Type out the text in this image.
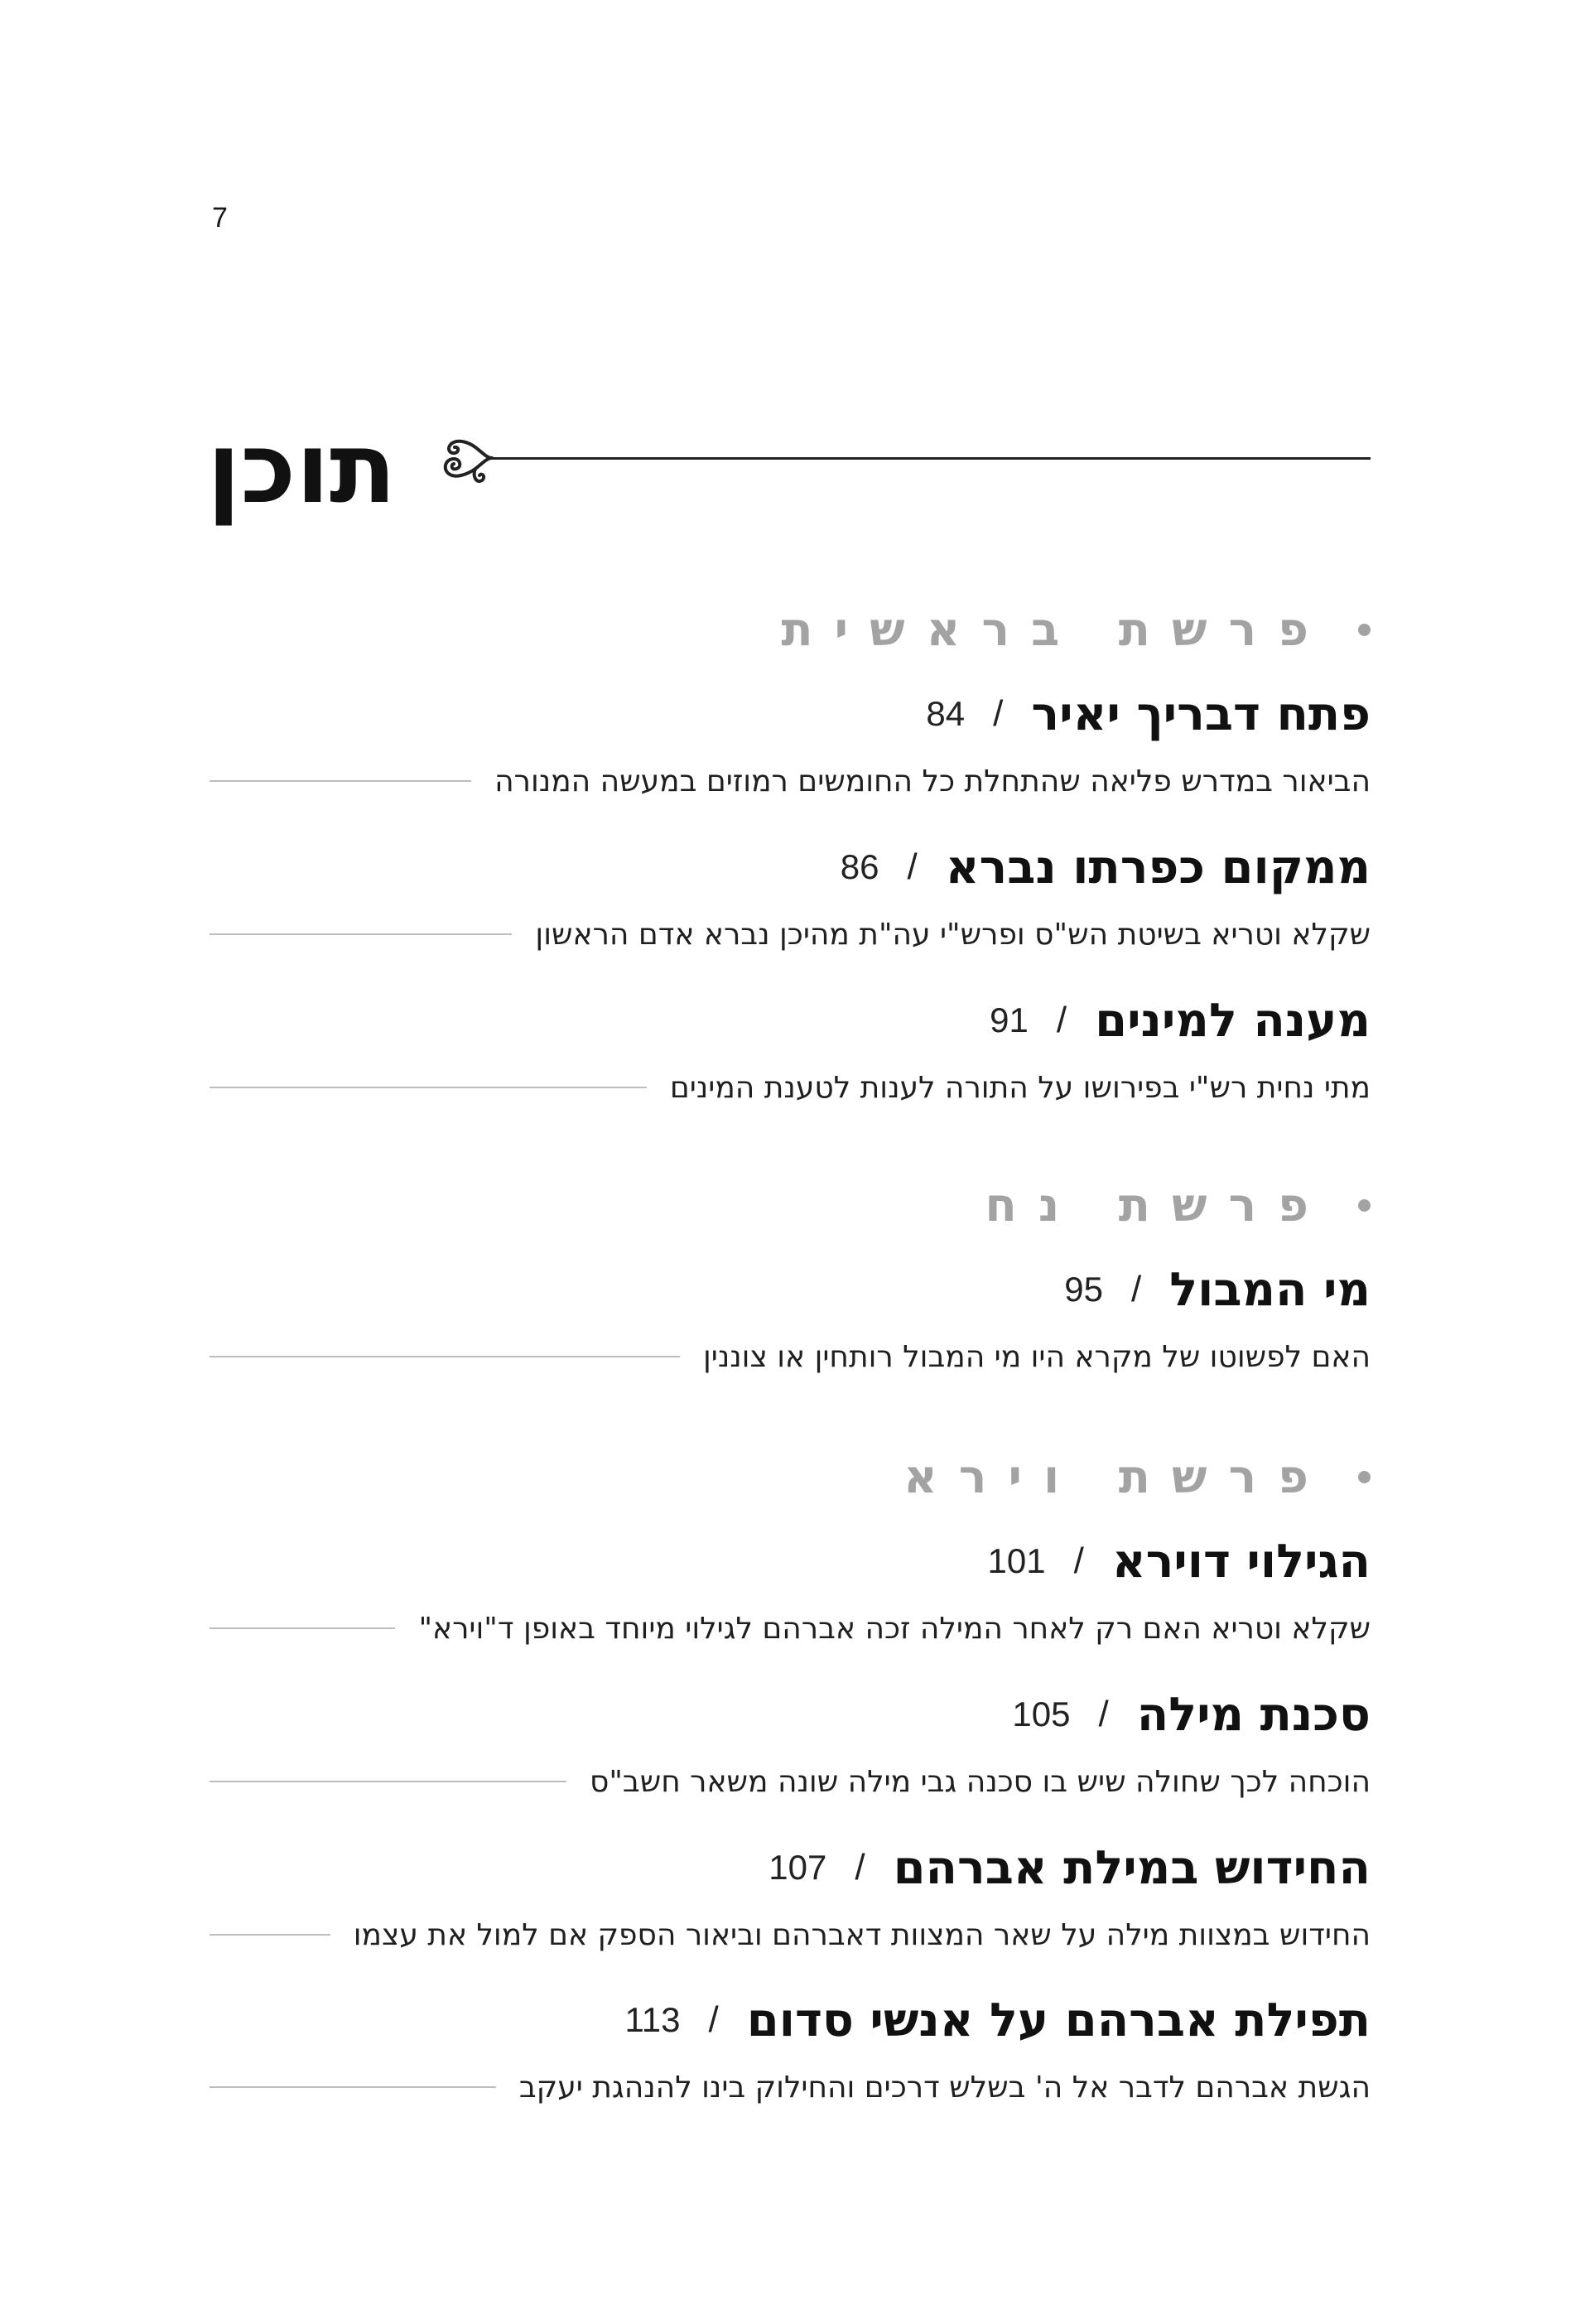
7
תוכן
פרשת בראשית
פתח דבריך יאיר
/
84
הביאור במדרש פליאה שהתחלת כל החומשים רמוזים במעשה המנורה
ממקום כפרתו נברא
/
86
שקלא וטריא בשיטת הש"ס ופרש"י עה"ת מהיכן נברא אדם הראשון
מענה למינים
/
91
מתי נחית רש"י בפירושו על התורה לענות לטענת המינים
פרשת נח
מי המבול
/
95
האם לפשוטו של מקרא היו מי המבול רותחין או צוננין
פרשת וירא
הגילוי דוירא
/
101
שקלא וטריא האם רק לאחר המילה זכה אברהם לגילוי מיוחד באופן ד"וירא"
סכנת מילה
/
105
הוכחה לכך שחולה שיש בו סכנה גבי מילה שונה משאר חשב"ס
החידוש במילת אברהם
/
107
החידוש במצוות מילה על שאר המצוות דאברהם וביאור הספק אם למול את עצמו
תפילת אברהם על אנשי סדום
/
113
הגשת אברהם לדבר אל ה' בשלש דרכים והחילוק בינו להנהגת יעקב
